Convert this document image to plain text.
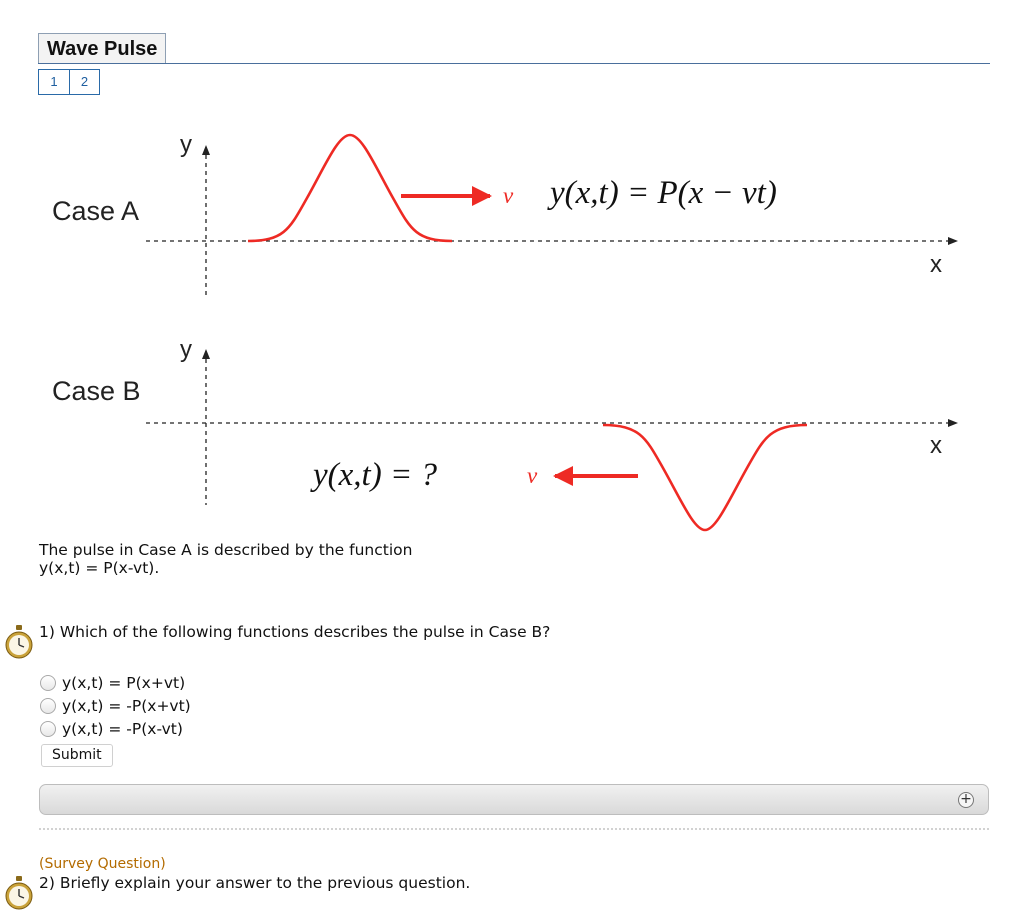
Wave Pulse
1	2
Case A
y
x
v y(x,t) = P(x − vt)
Case B
y
x
y(x,t) = ?	v
The pulse in Case A is described by the function
y(x,t) = P(x-vt).
1) Which of the following functions describes the pulse in Case B?
y(x,t) = P(x+vt)
y(x,t) = -P(x+vt)
y(x,t) = -P(x-vt)
Submit
+
(Survey Question)
2) Briefly explain your answer to the previous question.
